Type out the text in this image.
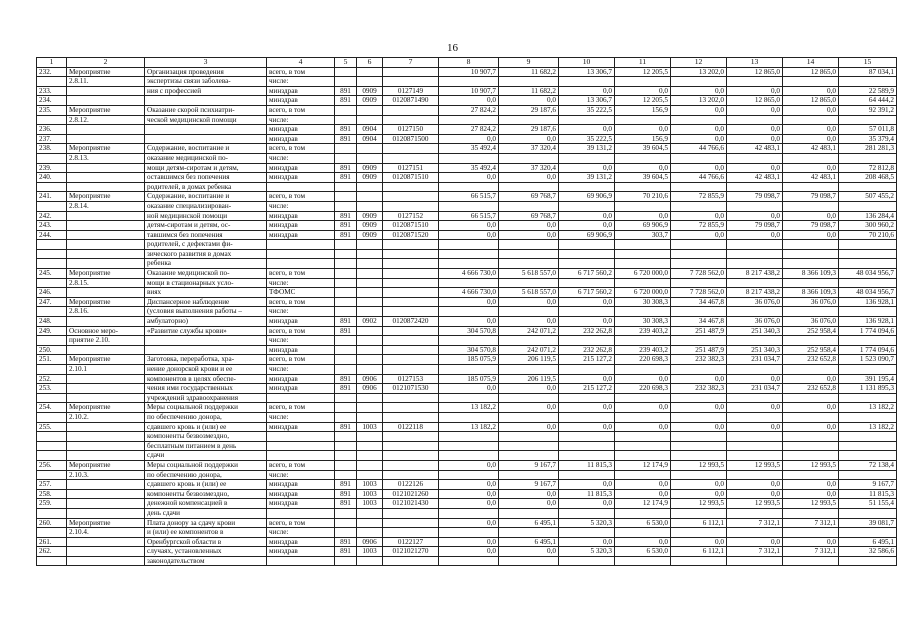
16
1	2	3	4	5	6	7	8	9	10	11	12	13	14	15
232.	Мероприятие	Организация проведения	всего, в том				10 907,7	11 682,2	13 306,7	12 205,5	13 202,0	12 865,0	12 865,0	87 034,1
	2.8.11.	экспертизы связи заболева-	числе:											
233.		ния с профессией	минздрав	891	0909	0127149	10 907,7	11 682,2	0,0	0,0	0,0	0,0	0,0	22 589,9
234.			минздрав	891	0909	0120871490	0,0	0,0	13 306,7	12 205,5	13 202,0	12 865,0	12 865,0	64 444,2
235.	Мероприятие	Оказание скорой психиатри-	всего, в том				27 824,2	29 187,6	35 222,5	156,9	0,0	0,0	0,0	92 391,2
	2.8.12.	ческой медицинской помощи	числе:											
236.			минздрав	891	0904	0127150	27 824,2	29 187,6	0,0	0,0	0,0	0,0	0,0	57 011,8
237.			минздрав	891	0904	0120871500	0,0	0,0	35 222,5	156,9	0,0	0,0	0,0	35 379,4
238.	Мероприятие	Содержание, воспитание и	всего, в том				35 492,4	37 320,4	39 131,2	39 604,5	44 766,6	42 483,1	42 483,1	281 281,3
	2.8.13.	оказание медицинской по-	числе:											
239.		мощи детям-сиротам и детям,	минздрав	891	0909	0127151	35 492,4	37 320,4	0,0	0,0	0,0	0,0	0,0	72 812,8
240.		оставшимся без попечения	минздрав	891	0909	0120871510	0,0	0,0	39 131,2	39 604,5	44 766,6	42 483,1	42 483,1	208 468,5
		родителей, в домах ребенка												
241.	Мероприятие	Содержание, воспитание и	всего, в том				66 515,7	69 768,7	69 906,9	70 210,6	72 855,9	79 098,7	79 098,7	507 455,2
	2.8.14.	оказание специализирован-	числе:											
242.		ной медицинской помощи	минздрав	891	0909	0127152	66 515,7	69 768,7	0,0	0,0	0,0	0,0	0,0	136 284,4
243.		детям-сиротам и детям, ос-	минздрав	891	0909	0120871510	0,0	0,0	0,0	69 906,9	72 855,9	79 098,7	79 098,7	300 960,2
244.		тавшимся без попечения	минздрав	891	0909	0120871520	0,0	0,0	69 906,9	303,7	0,0	0,0	0,0	70 210,6
		родителей, с дефектами фи-												
		зического развития в домах												
		ребенка												
245.	Мероприятие	Оказание медицинской по-	всего, в том				4 666 730,0	5 618 557,0	6 717 560,2	6 720 000,0	7 728 562,0	8 217 438,2	8 366 109,3	48 034 956,7
	2.8.15.	мощи в стационарных усло-	числе:											
246.		виях	ТФОМС				4 666 730,0	5 618 557,0	6 717 560,2	6 720 000,0	7 728 562,0	8 217 438,2	8 366 109,3	48 034 956,7
247.	Мероприятие	Диспансерное наблюдение	всего, в том				0,0	0,0	0,0	30 308,3	34 467,8	36 076,0	36 076,0	136 928,1
	2.8.16.	(условия выполнения работы –	числе:											
248.		амбулаторно)	минздрав	891	0902	0120872420	0,0	0,0	0,0	30 308,3	34 467,8	36 076,0	36 076,0	136 928,1
249.	Основное меро-	«Развитие службы крови»	всего, в том	891			304 570,8	242 071,2	232 262,8	239 403,2	251 487,9	251 340,3	252 958,4	1 774 094,6
	приятие 2.10.		числе:											
250.			минздрав				304 570,8	242 071,2	232 262,8	239 403,2	251 487,9	251 340,3	252 958,4	1 774 094,6
251.	Мероприятие	Заготовка, переработка, хра-	всего, в том				185 075,9	206 119,5	215 127,2	220 698,3	232 382,3	231 034,7	232 652,8	1 523 090,7
	2.10.1	нение донорской крови и ее	числе:											
252.		компонентов в целях обеспе-	минздрав	891	0906	0127153	185 075,9	206 119,5	0,0	0,0	0,0	0,0	0,0	391 195,4
253.		чения ими государственных	минздрав	891	0906	0121071530	0,0	0,0	215 127,2	220 698,3	232 382,3	231 034,7	232 652,8	1 131 895,3
		учреждений здравоохранения												
254.	Мероприятие	Меры социальной поддержки	всего, в том				13 182,2	0,0	0,0	0,0	0,0	0,0	0,0	13 182,2
	2.10.2.	по обеспечению донора,	числе:											
255.		сдавшего кровь и (или) ее	минздрав	891	1003	0122118	13 182,2	0,0	0,0	0,0	0,0	0,0	0,0	13 182,2
		компоненты безвозмездно,												
		бесплатным питанием в день												
		сдачи												
256.	Мероприятие	Меры социальной поддержки	всего, в том				0,0	9 167,7	11 815,3	12 174,9	12 993,5	12 993,5	12 993,5	72 138,4
	2.10.3.	по обеспечению донора,	числе:											
257.		сдавшего кровь и (или) ее	минздрав	891	1003	0122126	0,0	9 167,7	0,0	0,0	0,0	0,0	0,0	9 167,7
258.		компоненты безвозмездно,	минздрав	891	1003	0121021260	0,0	0,0	11 815,3	0,0	0,0	0,0	0,0	11 815,3
259.		денежной компенсацией в	минздрав	891	1003	0121021430	0,0	0,0	0,0	12 174,9	12 993,5	12 993,5	12 993,5	51 155,4
		день сдачи												
260.	Мероприятие	Плата донору за сдачу крови	всего, в том				0,0	6 495,1	5 320,3	6 530,0	6 112,1	7 312,1	7 312,1	39 081,7
	2.10.4.	и (или) ее компонентов в	числе:											
261.		Оренбургской области в	минздрав	891	0906	0122127	0,0	6 495,1	0,0	0,0	0,0	0,0	0,0	6 495,1
262.		случаях, установленных	минздрав	891	1003	0121021270	0,0	0,0	5 320,3	6 530,0	6 112,1	7 312,1	7 312,1	32 586,6
		законодательством												
